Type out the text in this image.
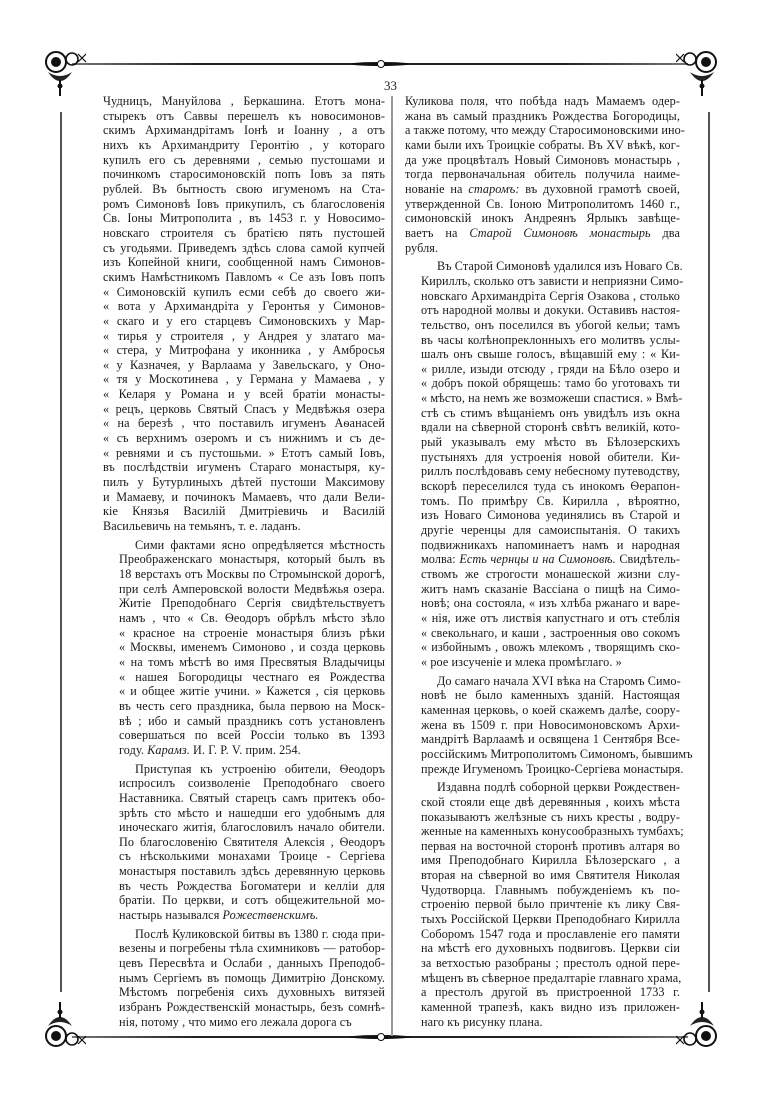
33

Чудницъ, Мануйлова , Беркашина. Етотъ мона-
стырекъ отъ Саввы перешелъ къ новосимонов-
скимъ Архимандрітамъ Іонѣ и Іоанну , а отъ
нихъ къ Архимандриту Геронтію , у котораго
купилъ его съ деревнями , семью пустошами и
починкомъ старосимоновскій попъ Іовъ за пять
рублей. Въ бытность свою игуменомъ на Ста-
ромъ Симоновѣ Іовъ прикупилъ, съ благословенія
Св. Іоны Митрополита , въ 1453 г. у Новосимо-
новскаго строителя съ братією пять пустошей
съ угодьями. Приведемъ здѣсь слова самой купчей
изъ Копейной книги, сообщенной намъ Симонов-
скимъ Намѣстникомъ Павломъ « Се азъ Іовъ попъ
« Симоновскій купилъ есми себѣ до своего жи-
« вота у Архимандріта у Геронтья у Симонов-
« скаго и у его старцевъ Симоновскихъ у Мар-
« тирья у строителя , у Андрея у златаго ма-
« стера, у Митрофана у иконника , у Амбросья
« у Казначея, у Варлаама у Завельскаго, у Оно-
« тя у Москотинева , у Германа у Мамаева , у
« Келаря у Романа и у всей братіи монасты-
« рецъ, церковь Святый Спасъ у Медвѣжья озера
« на березѣ , что поставилъ игуменъ Аѳанасей
« съ верхнимъ озеромъ и съ нижнимъ и съ де-
« ревнями и съ пустошьми. » Етотъ самый Іовъ,
въ послѣдствіи игуменъ Стараго монастыря, ку-
пилъ у Бутурлиныхъ дѣтей пустоши Максимову
и Мамаеву, и починокъ Мамаевъ, что дали Вели-
кіе Князья Василій Дмитріевичь и Василій
Васильевичь на темьянъ, т. е. ладанъ.

Сими фактами ясно опредѣляется мѣстность
Преображенскаго монастыря, который былъ въ
18 верстахъ отъ Москвы по Стромынской дорогѣ,
при селѣ Амперовской волости Медвѣжья озера.
Житіе Преподобнаго Сергія свидѣтельствуетъ
намъ , что « Св. Ѳеодоръ обрѣлъ мѣсто зѣло
« красное на строеніе монастыря близъ рѣки
« Москвы, именемъ Симоново , и созда церковь
« на томъ мѣстѣ во имя Пресвятыя Владычицы
« нашея Богородицы честнаго ея Рождества
« и общее житіе учини. » Кажется , сія церковь
въ честь сего праздника, была первою на Моск-
вѣ ; ибо и самый праздникъ сотъ установленъ
совершаться по всей Россіи только въ 1393
году. Карамз. И. Г. Р. V. прим. 254.

Приступая къ устроенію обители, Ѳеодоръ
испросилъ соизволеніе Преподобнаго своего
Наставника. Святый старецъ самъ притекъ обо-
зрѣть сто мѣсто и нашедши его удобнымъ для
иноческаго житія, благословилъ начало обители.
По благословенію Святителя Алексія , Ѳеодоръ
съ нѣсколькими монахами Троице - Сергіева
монастыря поставилъ здѣсь деревянную церковь
въ честь Рождества Богоматери и келліи для
братіи. По церкви, и сотъ общежительной мо-
настырь назывался Рожественскимъ.

Послѣ Куликовской битвы въ 1380 г. сюда при-
везены и погребены тѣла схимниковъ — ратобор-
цевъ Пересвѣта и Ослаби , данныхъ Преподоб-
нымъ Сергіемъ въ помощь Димитрію Донскому.
Мѣстомъ погребенія сихъ духовныхъ витязей
избранъ Рождественскій монастырь, безъ сомнѣ-
нія, потому , что мимо его лежала дорога съ

Куликова поля, что побѣда надъ Мамаемъ одер-
жана въ самый праздникъ Рождества Богородицы,
а также потому, что между Старосимоновскими ино-
ками были ихъ Троицкіе собраты. Въ XV вѣкѣ, ког-
да уже процвѣталъ Новый Симоновъ монастырь ,
тогда первоначальная обитель получила наиме-
нованіе на старомъ: въ духовной грамотѣ своей,
утвержденной Св. Іоною Митрополитомъ 1460 г.,
симоновскій инокъ Андреянъ Ярлыкъ завѣще-
ваетъ на Старой Симоновѣ монастырь два
рубля.

Въ Старой Симоновѣ удалился изъ Новаго Св.
Кириллъ, сколько отъ зависти и неприязни Симо-
новскаго Архимандріта Сергія Озакова , столько
отъ народной молвы и докуки. Оставивъ настоя-
тельство, онъ поселился въ убогой кельи; тамъ
въ часы колѣнопреклонныхъ его молитвъ услы-
шалъ онъ свыше голосъ, вѣщавшій ему : « Ки-
« рилле, изыди отсюду , гряди на Бѣло озеро и
« добръ покой обрящешь: тамо бо уготовахъ ти
« мѣсто, на немъ же возможеши спастися. » Вмѣ-
стѣ съ стимъ вѣщаніемъ онъ увидѣлъ изъ окна
вдали на сѣверной сторонѣ свѣтъ великій, кото-
рый указывалъ ему мѣсто въ Бѣлозерскихъ
пустыняхъ для устроенія новой обители. Ки-
риллъ послѣдовавъ сему небесному путеводству,
вскорѣ переселился туда съ инокомъ Ѳерапон-
томъ. По примѣру Св. Кирилла , вѣроятно,
изъ Новаго Симонова уединялись въ Старой и
другіе черенцы для самоиспытанія. О такихъ
подвижникахъ напоминаетъ намъ и народная
молва: Есть чернцы и на Симоновѣ. Свидѣтель-
ствомъ же строгости монашеской жизни слу-
житъ намъ сказаніе Вассіана о пищѣ на Симо-
новѣ; она состояла, « изъ хлѣба ржанаго и варе-
« нія, иже отъ листвія капустнаго и отъ стеблія
« свекольнаго, и каши , застроенныя ово сокомъ
« избойнымъ , овожъ млекомъ , творящимъ ско-
« рое изсученіе и млека промѣглаго. »

До самаго начала XVI вѣка на Старомъ Симо-
новѣ не было каменныхъ зданій. Настоящая
каменная церковь, о коей скажемъ далѣе, cooру-
жена въ 1509 г. при Новосимоновскомъ Архи-
мандрітѣ Варлаамѣ и освящена 1 Сентября Все-
россійскимъ Митрополитомъ Симономъ, бывшимъ
прежде Игуменомъ Троицко-Сергіева монастыря.

Издавна подлѣ соборной церкви Рождествен-
ской стояли еще двѣ деревянныя , коихъ мѣста
показываютъ желѣзные съ нихъ кресты , водру-
женные на каменныхъ конусообразныхъ тумбахъ;
первая на восточной сторонѣ противъ алтаря во
имя Преподобнаго Кирилла Бѣлозерскаго , а
вторая на сѣверной во имя Святителя Николая
Чудотворца. Главнымъ побужденіемъ къ по-
строенію первой было причтеніе къ лику Свя-
тыхъ Россійской Церкви Преподобнаго Кирилла
Соборомъ 1547 года и прославленіе его памяти
на мѣстѣ его духовныхъ подвиговъ. Церкви сіи
за ветхостью разобраны ; престолъ одной пере-
мѣщенъ въ сѣверное предалтаріе главнаго храма,
а престолъ другой въ пристроенной 1733 г.
каменной трапезѣ, какъ видно изъ приложен-
наго къ рисунку плана.
